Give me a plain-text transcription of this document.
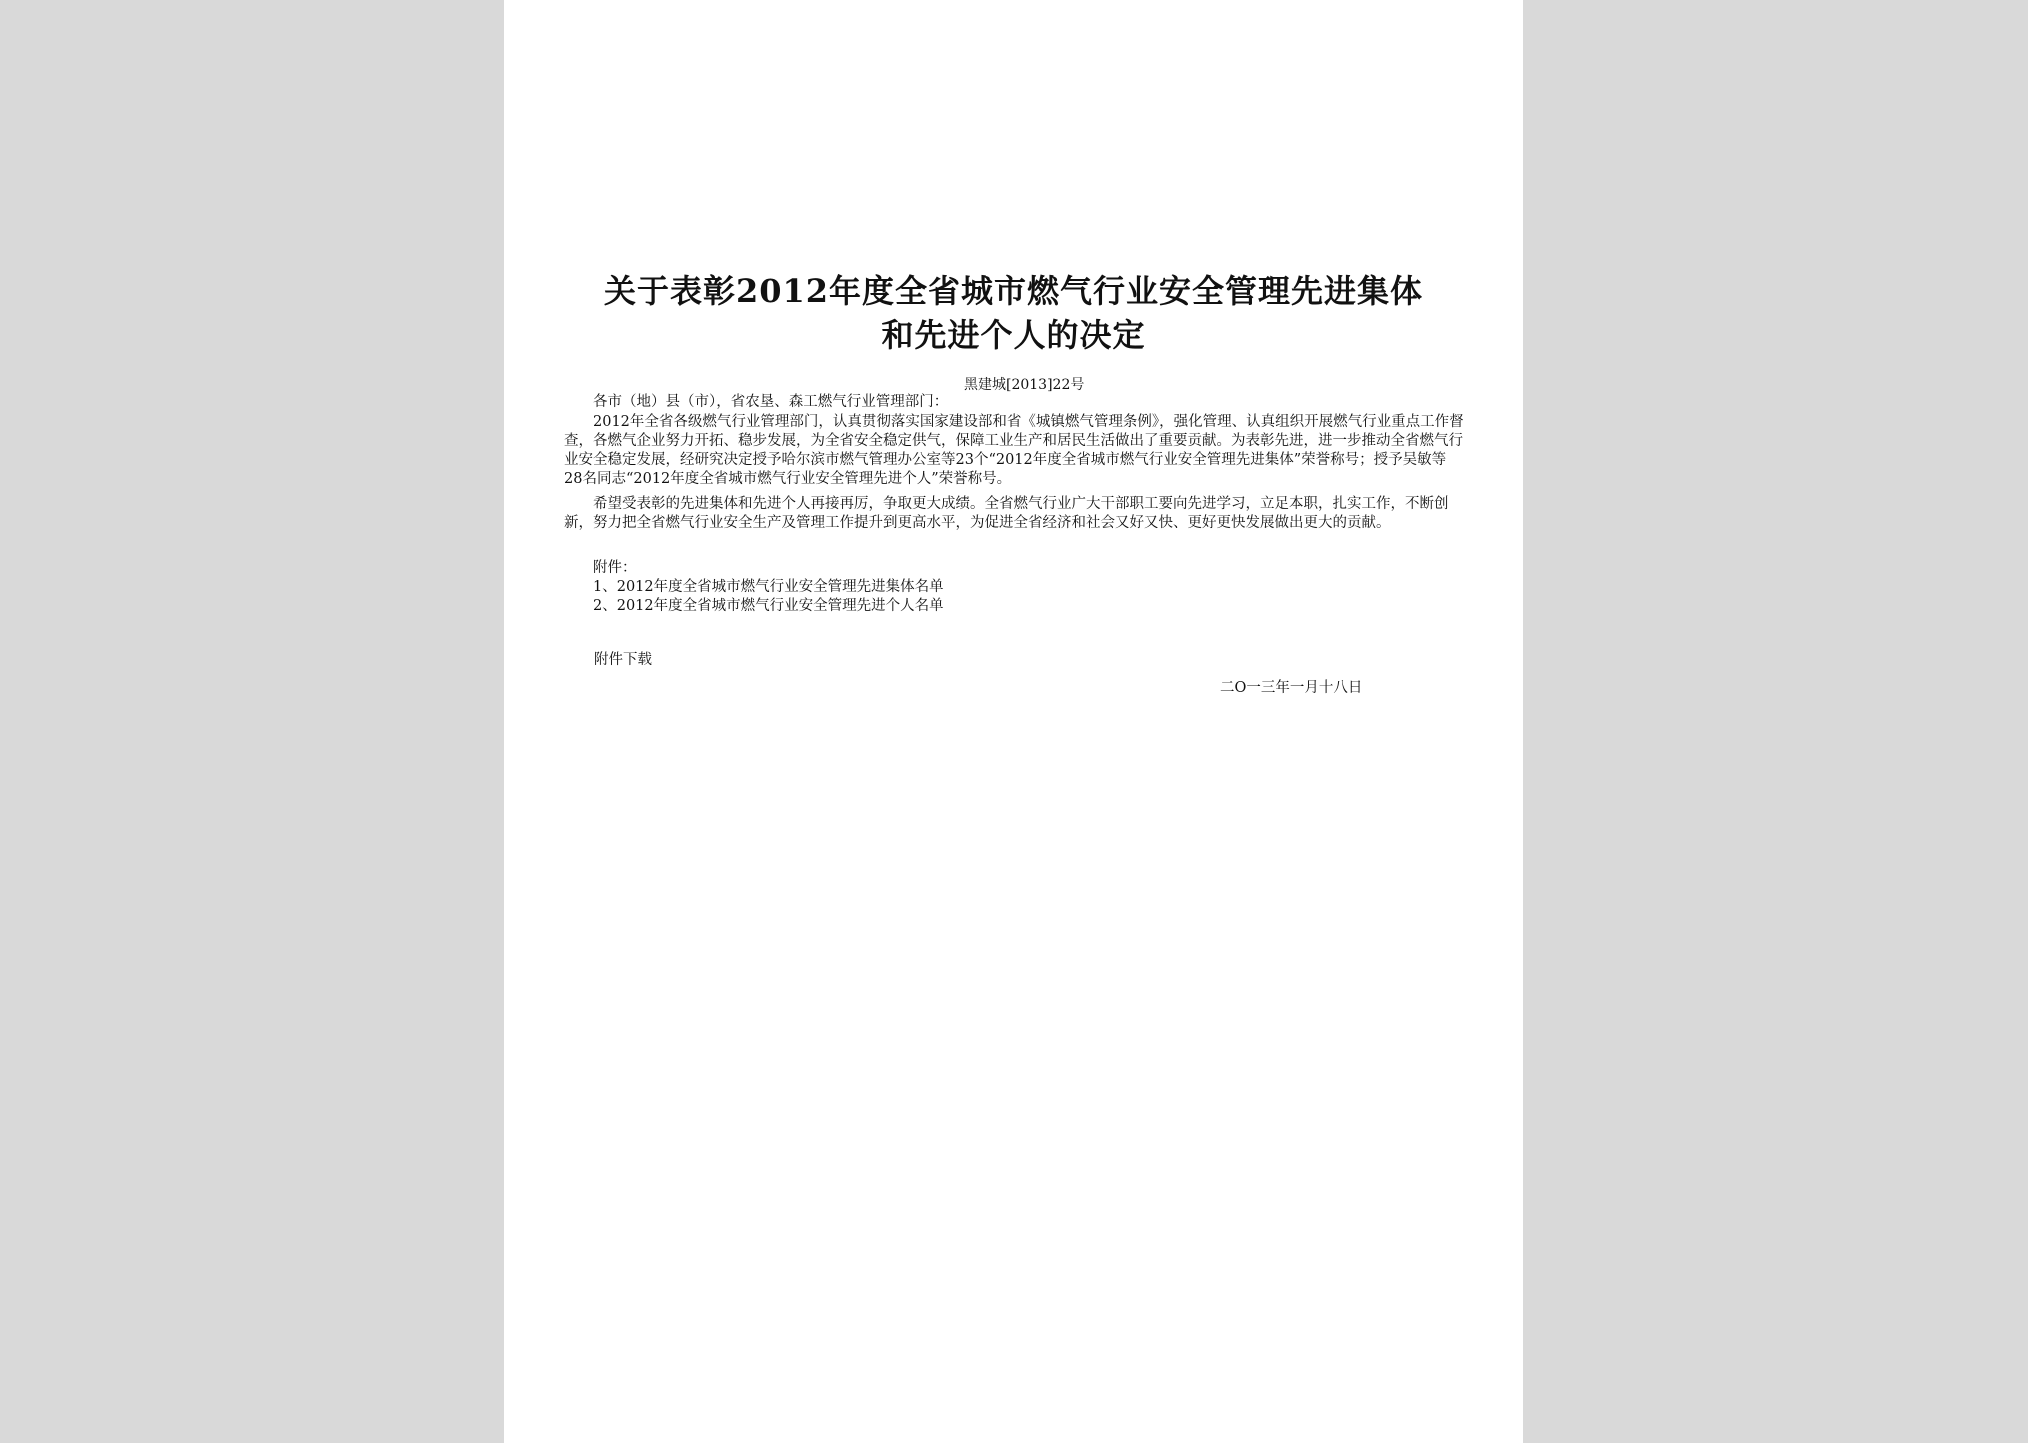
关于表彰2012年度全省城市燃气行业安全管理先进集体
和先进个人的决定
黑建城[2013]22号

各市（地）县（市），省农垦、森工燃气行业管理部门：

2012年全省各级燃气行业管理部门，认真贯彻落实国家建设部和省《城镇燃气管理条例》，强化管理、认真组织开展燃气行业重点工作督查，各燃气企业努力开拓、稳步发展，为全省安全稳定供气，保障工业生产和居民生活做出了重要贡献。为表彰先进，进一步推动全省燃气行业安全稳定发展，经研究决定授予哈尔滨市燃气管理办公室等23个“2012年度全省城市燃气行业安全管理先进集体”荣誉称号；授予吴敏等28名同志“2012年度全省城市燃气行业安全管理先进个人”荣誉称号。

希望受表彰的先进集体和先进个人再接再厉，争取更大成绩。全省燃气行业广大干部职工要向先进学习，立足本职，扎实工作，不断创新，努力把全省燃气行业安全生产及管理工作提升到更高水平，为促进全省经济和社会又好又快、更好更快发展做出更大的贡献。

附件：

1、2012年度全省城市燃气行业安全管理先进集体名单

2、2012年度全省城市燃气行业安全管理先进个人名单

附件下载
二O一三年一月十八日
